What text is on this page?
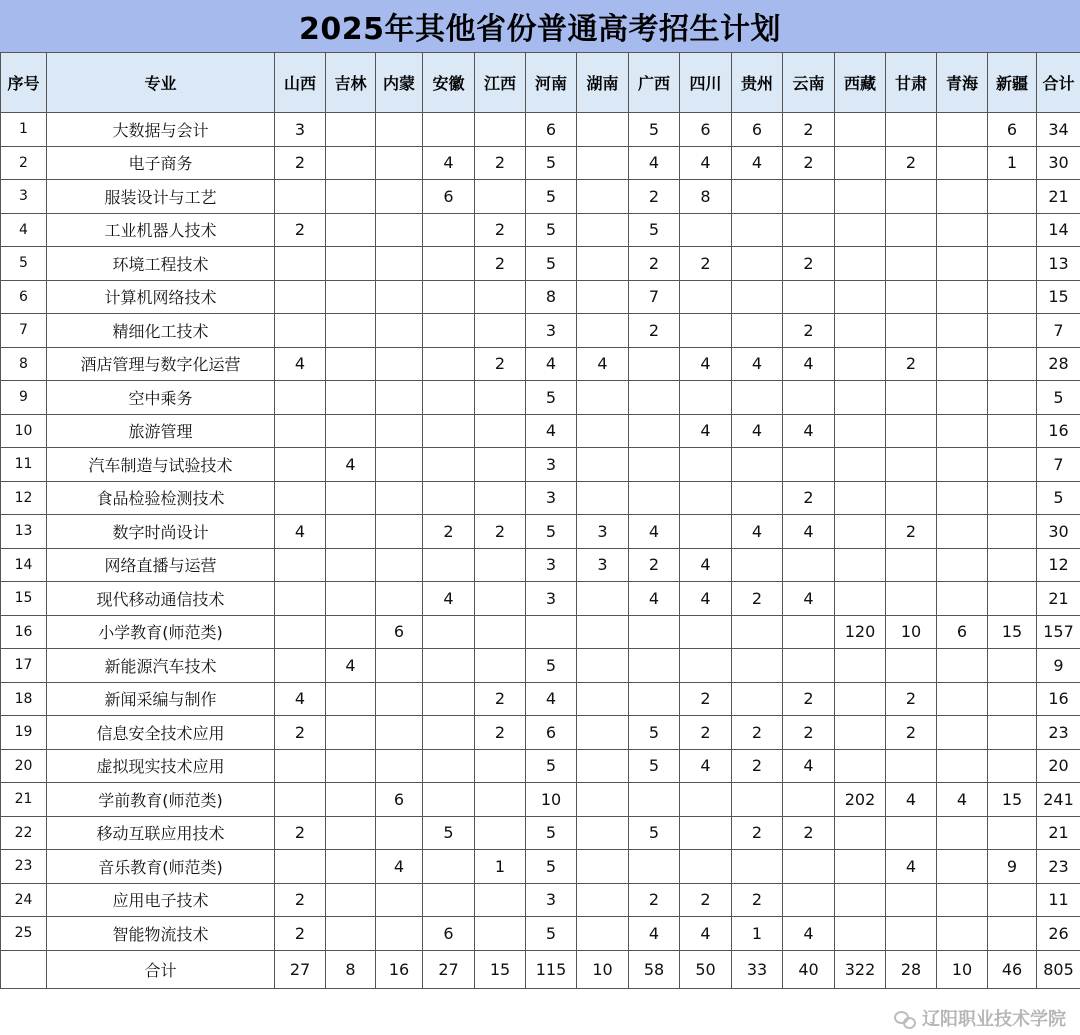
2025年其他省份普通高考招生计划
序号	专业	山西	吉林	内蒙	安徽	江西	河南	湖南	广西	四川	贵州	云南	西藏	甘肃	青海	新疆	合计
1	大数据与会计	3					6		5	6	6	2				6	34
2	电子商务	2			4	2	5		4	4	4	2		2		1	30
3	服装设计与工艺				6		5		2	8							21
4	工业机器人技术	2				2	5		5								14
5	环境工程技术					2	5		2	2		2					13
6	计算机网络技术						8		7								15
7	精细化工技术						3		2			2					7
8	酒店管理与数字化运营	4				2	4	4		4	4	4		2			28
9	空中乘务						5										5
10	旅游管理						4			4	4	4					16
11	汽车制造与试验技术		4				3										7
12	食品检验检测技术						3					2					5
13	数字时尚设计	4			2	2	5	3	4		4	4		2			30
14	网络直播与运营						3	3	2	4							12
15	现代移动通信技术				4		3		4	4	2	4					21
16	小学教育(师范类)			6									120	10	6	15	157
17	新能源汽车技术		4				5										9
18	新闻采编与制作	4				2	4			2		2		2			16
19	信息安全技术应用	2				2	6		5	2	2	2		2			23
20	虚拟现实技术应用						5		5	4	2	4					20
21	学前教育(师范类)			6			10						202	4	4	15	241
22	移动互联应用技术	2			5		5		5		2	2					21
23	音乐教育(师范类)			4		1	5							4		9	23
24	应用电子技术	2					3		2	2	2						11
25	智能物流技术	2			6		5		4	4	1	4					26
	合计	27	8	16	27	15	115	10	58	50	33	40	322	28	10	46	805
辽阳职业技术学院
